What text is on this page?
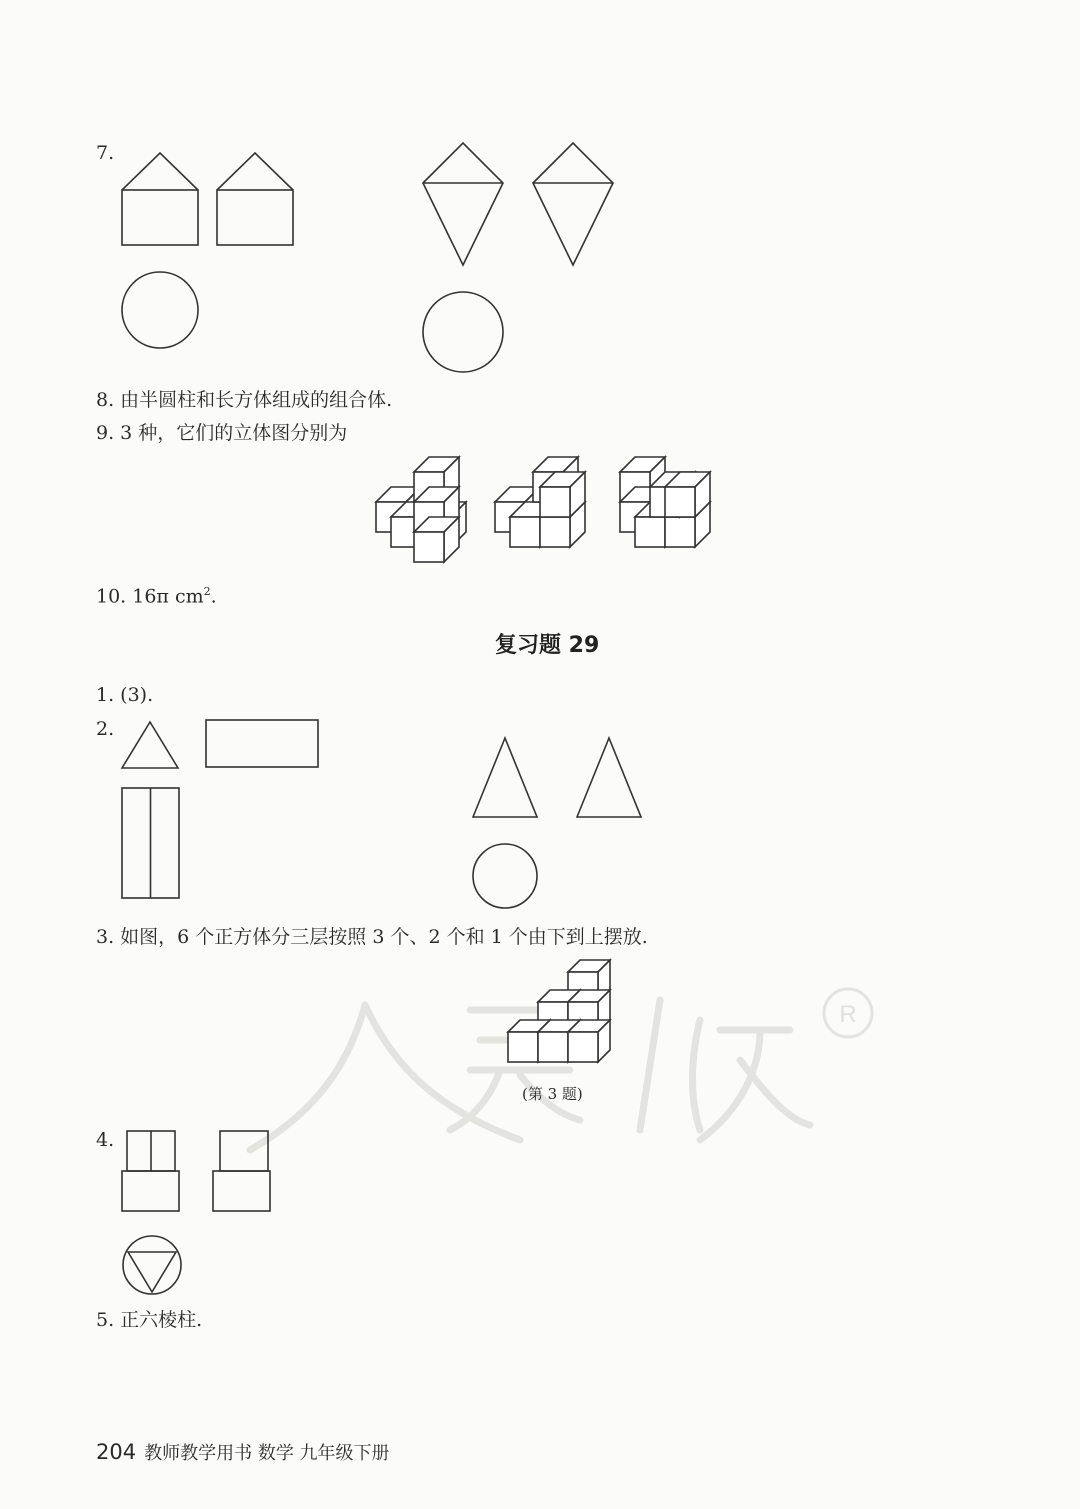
R
7.
8. 由半圆柱和长方体组成的组合体.
9. 3 种，它们的立体图分别为
10. 16π $cm^2$.
复习题 29
1. (3).
2.
3. 如图，6 个正方体分三层按照 3 个、2 个和 1 个由下到上摆放.
(第 3 题)
4.
5. 正六棱柱.
204 教师教学用书 数学 九年级下册
